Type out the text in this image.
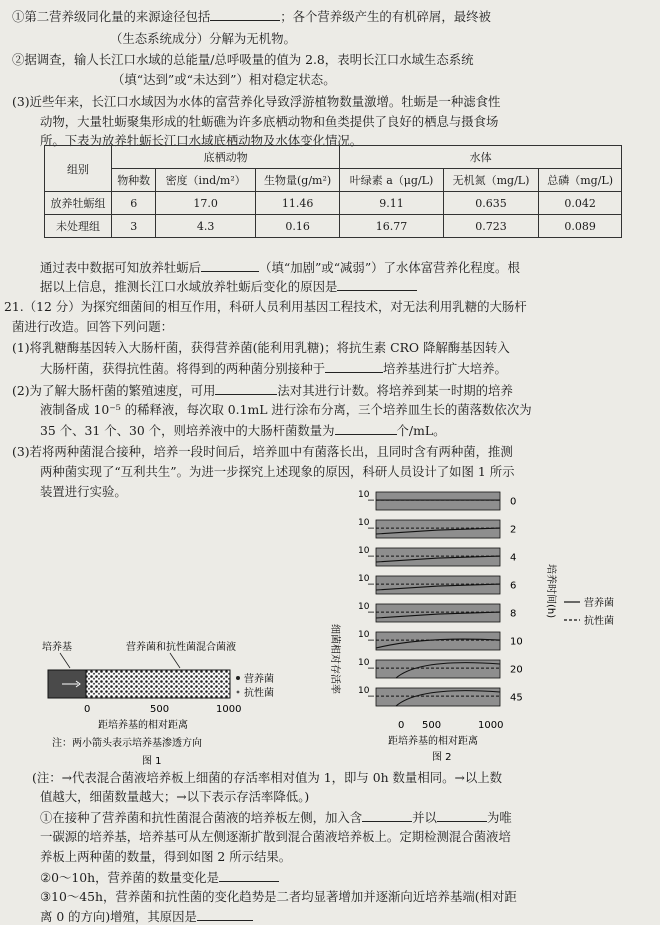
①第二营养级同化量的来源途径包括	；各个营养级产生的有机碎屑，最终被
（生态系统成分）分解为无机物。
②据调查，输人长江口水域的总能量/总呼吸量的值为 2.8，表明长江口水域生态系统
（填“达到”或“未达到”）相对稳定状态。
(3)近些年来，长江口水域因为水体的富营养化导致浮游植物数量激增。牡蛎是一种滤食性
动物，大量牡蛎聚集形成的牡蛎礁为许多底栖动物和鱼类提供了良好的栖息与摄食场
所。下表为放养牡蛎长江口水域底栖动物及水体变化情况。
组别	底栖动物			水体		
	物种数	密度（ind/m²）	生物量(g/m²)	叶绿素 a（μg/L)	无机氮（mg/L)	总磷（mg/L)
放养牡蛎组	6	17.0	11.46	9.11	0.635	0.042
未处理组	3	4.3	0.16	16.77	0.723	0.089
通过表中数据可知放养牡蛎后	（填“加剧”或“减弱”）了水体富营养化程度。根
据以上信息，推测长江口水域放养牡蛎后变化的原因是
21.（12 分）为探究细菌间的相互作用，科研人员利用基因工程技术，对无法利用乳糖的大肠杆
菌进行改造。回答下列问题：
(1)将乳糖酶基因转入大肠杆菌，获得营养菌(能利用乳糖)；将抗生素 CRO 降解酶基因转入
大肠杆菌，获得抗性菌。将得到的两种菌分别接种于	培养基进行扩大培养。
(2)为了解大肠杆菌的繁殖速度，可用	法对其进行计数。将培养到某一时期的培养
液制备成 10⁻⁵ 的稀释液，每次取 0.1mL 进行涂布分离，三个培养皿生长的菌落数依次为
35 个、31 个、30 个，则培养液中的大肠杆菌数量为	个/mL。
(3)若将两种菌混合接种，培养一段时间后，培养皿中有菌落长出，且同时含有两种菌，推测
两种菌实现了“互利共生”。为进一步探究上述现象的原因，科研人员设计了如图 1 所示
装置进行实验。
培养基	营养菌和抗性菌混合菌液
营养菌
抗性菌
0	500	1000
距培养基的相对距离
注：两小箭头表示培养基渗透方向
图 1
细菌相对存活率
培养时间(h)
10
0
10
2
10
4
10
6
10
8
10
10
10
20
10
45
营养菌
抗性菌
0 500	1000
距培养基的相对距离
图 2
(注：→代表混合菌液培养板上细菌的存活率相对值为 1，即与 0h 数量相同。→以上数
值越大，细菌数量越大；→以下表示存活率降低。)
①在接种了营养菌和抗性菌混合菌液的培养板左侧，加入含	并以	为唯
一碳源的培养基，培养基可从左侧逐渐扩散到混合菌液培养板上。定期检测混合菌液培
养板上两种菌的数量，得到如图 2 所示结果。
②0～10h，营养菌的数量变化是
③10～45h，营养菌和抗性菌的变化趋势是二者均显著增加并逐渐向近培养基端(相对距
离 0 的方向)增殖，其原因是
